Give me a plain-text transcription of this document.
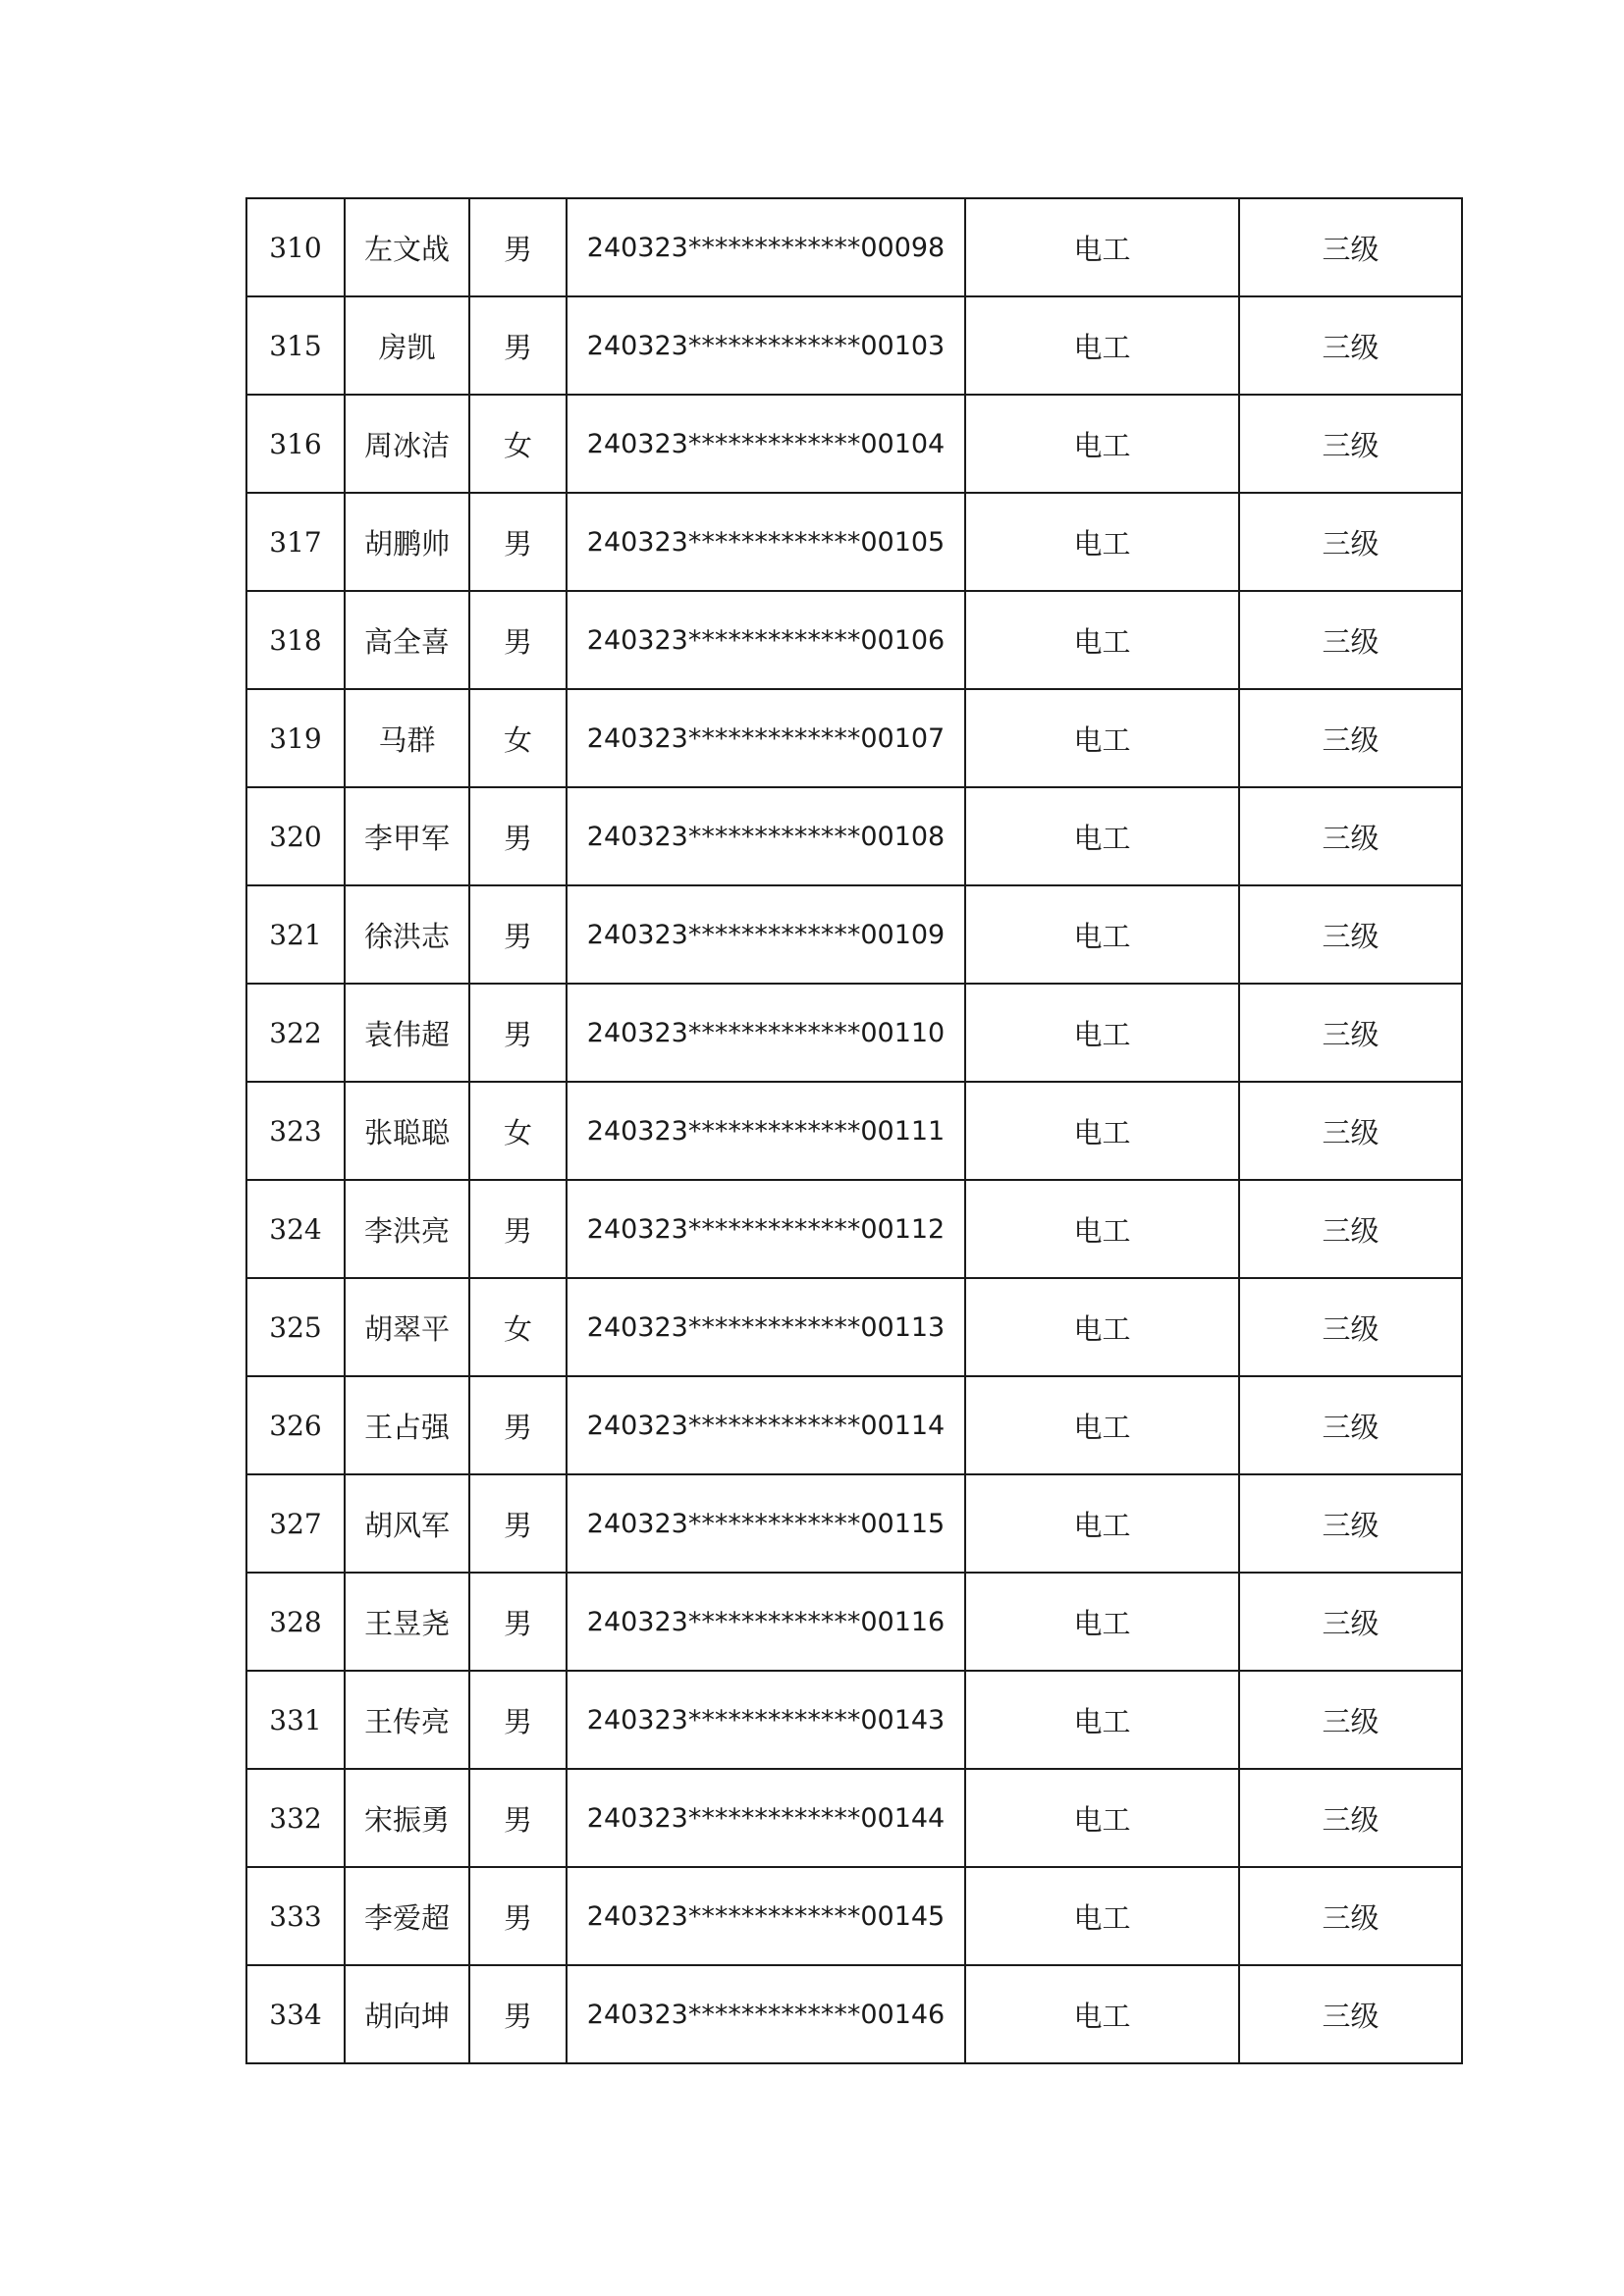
310	左文战	男	240323*************00098	电工	三级
315	房凯	男	240323*************00103	电工	三级
316	周冰洁	女	240323*************00104	电工	三级
317	胡鹏帅	男	240323*************00105	电工	三级
318	高全喜	男	240323*************00106	电工	三级
319	马群	女	240323*************00107	电工	三级
320	李甲军	男	240323*************00108	电工	三级
321	徐洪志	男	240323*************00109	电工	三级
322	袁伟超	男	240323*************00110	电工	三级
323	张聪聪	女	240323*************00111	电工	三级
324	李洪亮	男	240323*************00112	电工	三级
325	胡翠平	女	240323*************00113	电工	三级
326	王占强	男	240323*************00114	电工	三级
327	胡风军	男	240323*************00115	电工	三级
328	王昱尧	男	240323*************00116	电工	三级
331	王传亮	男	240323*************00143	电工	三级
332	宋振勇	男	240323*************00144	电工	三级
333	李爱超	男	240323*************00145	电工	三级
334	胡向坤	男	240323*************00146	电工	三级
